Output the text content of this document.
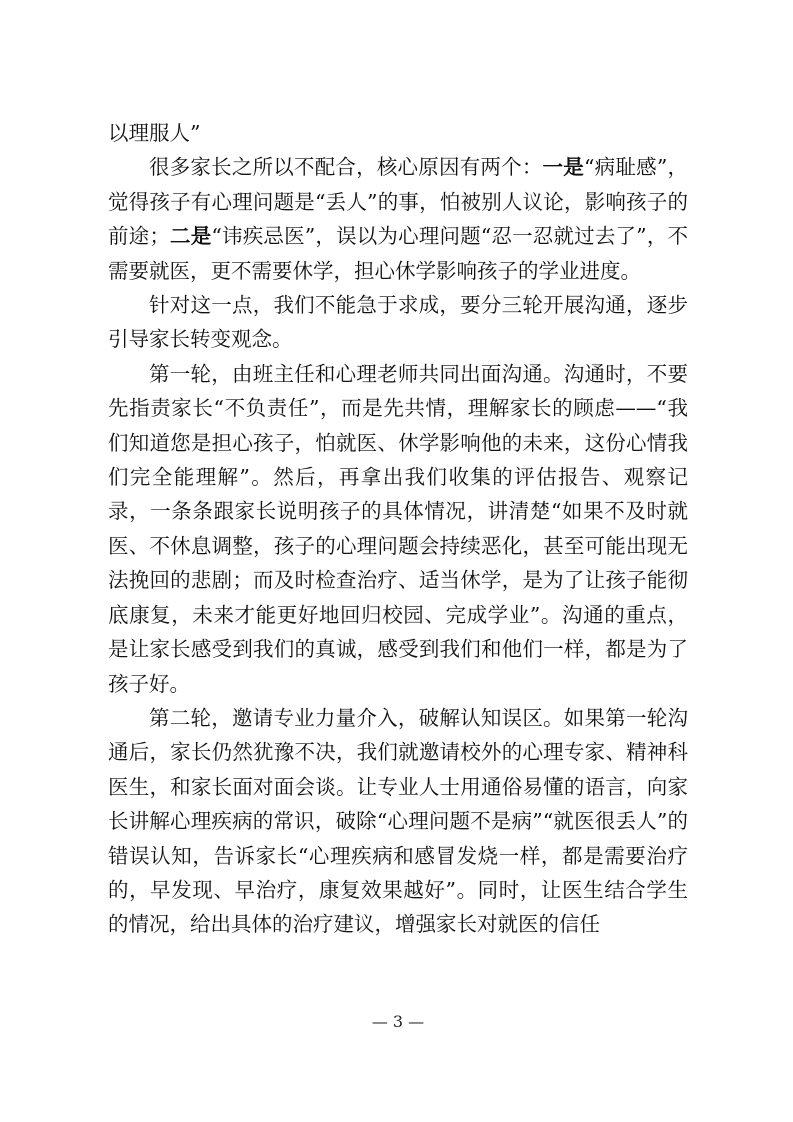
以理服人”

很多家长之所以不配合，核心原因有两个：一是“病耻感”，觉得孩子有心理问题是“丢人”的事，怕被别人议论，影响孩子的前途；二是“讳疾忌医”，误以为心理问题“忍一忍就过去了”，不需要就医，更不需要休学，担心休学影响孩子的学业进度。

针对这一点，我们不能急于求成，要分三轮开展沟通，逐步引导家长转变观念。

第一轮，由班主任和心理老师共同出面沟通。沟通时，不要先指责家长“不负责任”，而是先共情，理解家长的顾虑——“我们知道您是担心孩子，怕就医、休学影响他的未来，这份心情我们完全能理解”。然后，再拿出我们收集的评估报告、观察记录，一条条跟家长说明孩子的具体情况，讲清楚“如果不及时就医、不休息调整，孩子的心理问题会持续恶化，甚至可能出现无法挽回的悲剧；而及时检查治疗、适当休学，是为了让孩子能彻底康复，未来才能更好地回归校园、完成学业”。沟通的重点，是让家长感受到我们的真诚，感受到我们和他们一样，都是为了孩子好。

第二轮，邀请专业力量介入，破解认知误区。如果第一轮沟通后，家长仍然犹豫不决，我们就邀请校外的心理专家、精神科医生，和家长面对面会谈。让专业人士用通俗易懂的语言，向家长讲解心理疾病的常识，破除“心理问题不是病”“就医很丢人”的错误认知，告诉家长“心理疾病和感冒发烧一样，都是需要治疗的，早发现、早治疗，康复效果越好”。同时，让医生结合学生的情况，给出具体的治疗建议，增强家长对就医的信任

— 3 —
